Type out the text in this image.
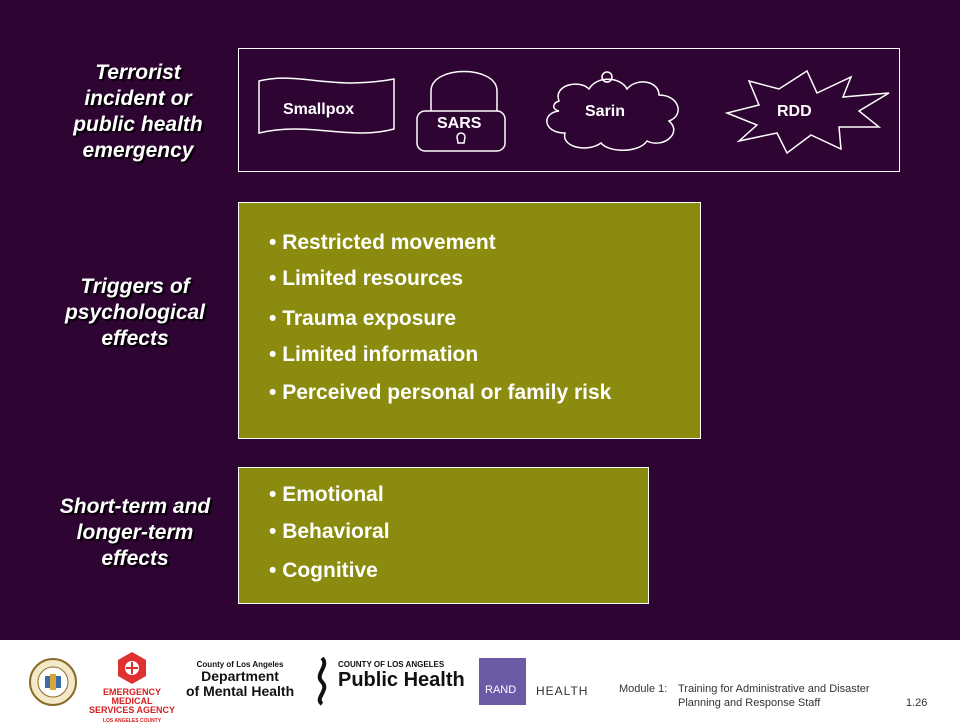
Terrorist
incident or
public health
emergency
Triggers of
psychological
effects
Short-term and
longer-term
effects
Smallpox
SARS
Sarin	RDD
• Restricted movement
• Limited resources
• Trauma exposure
• Limited information
• Perceived personal or family risk
• Emotional
• Behavioral
• Cognitive
EMERGENCY MEDICAL
SERVICES AGENCY
LOS ANGELES COUNTY
County of Los Angeles
Department
of Mental Health
COUNTY OF LOS ANGELES
Public Health RAND HEALTH	Module 1: Training for Administrative and Disaster
Planning and Response Staff	1.26
